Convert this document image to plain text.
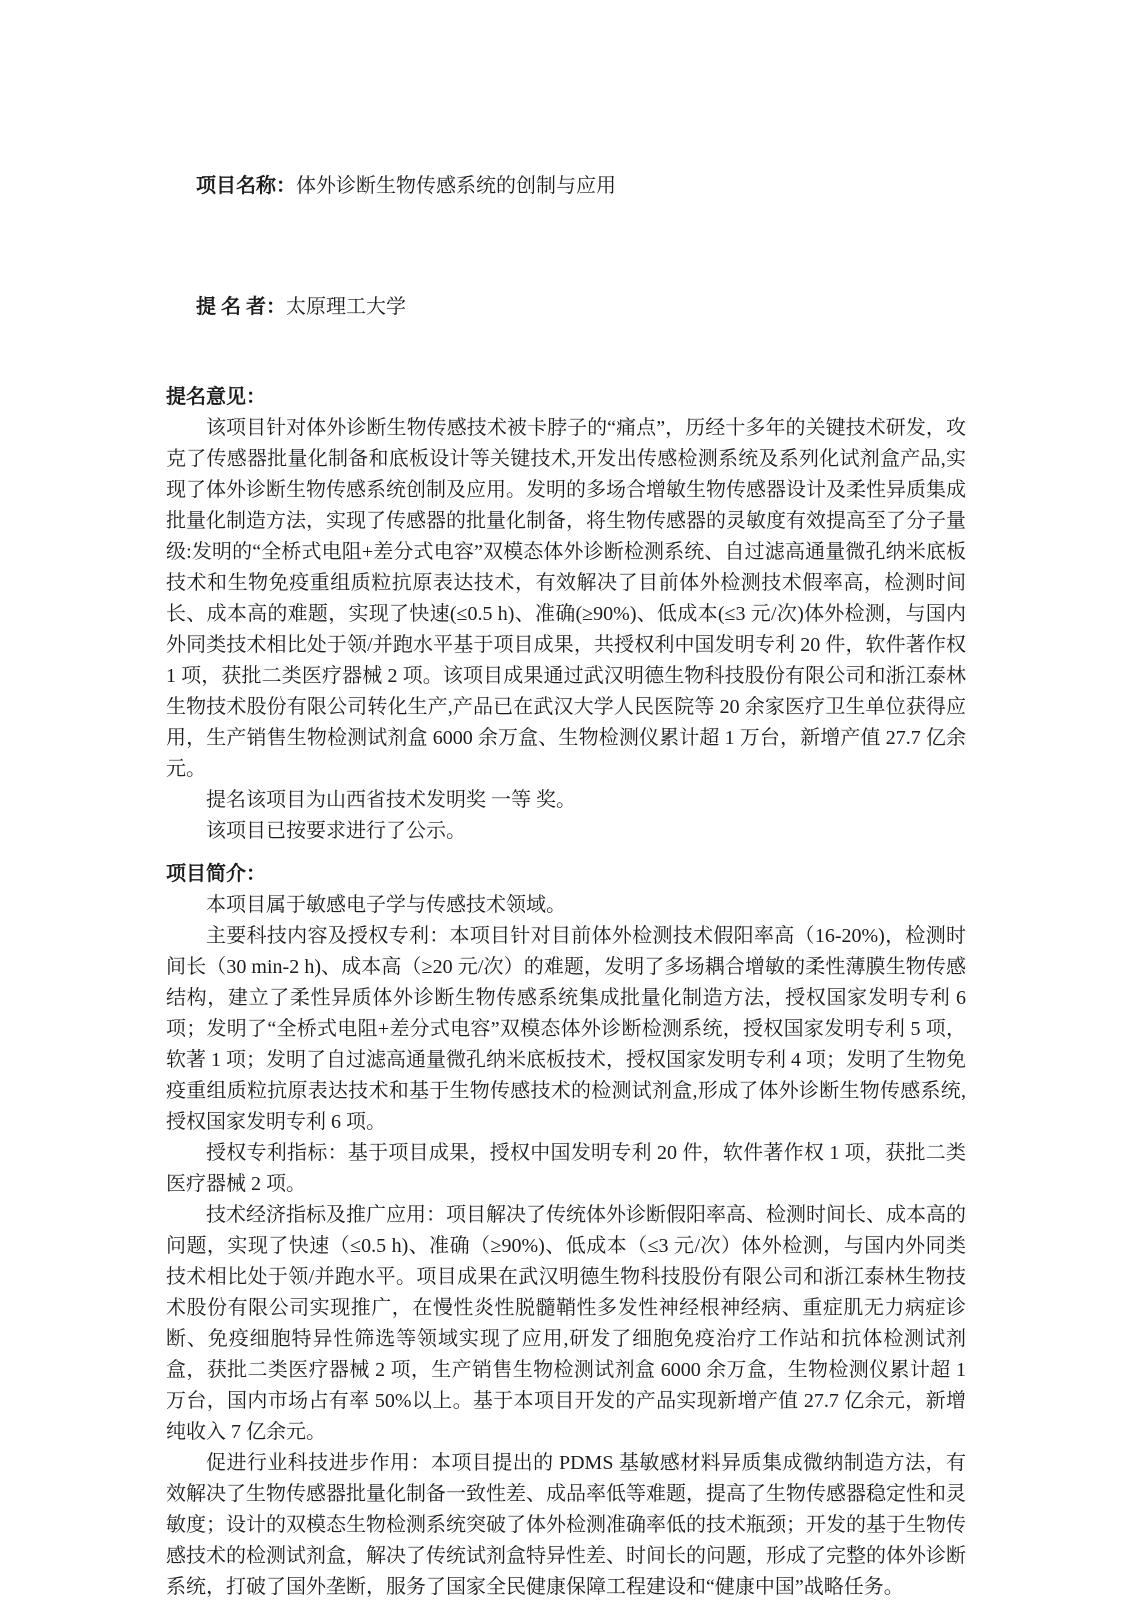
项目名称：体外诊断生物传感系统的创制与应用

提 名 者：太原理工大学

提名意见：

该项目针对体外诊断生物传感技术被卡脖子的“痛点”，历经十多年的关键技术研发，攻克了传感器批量化制备和底板设计等关键技术,开发出传感检测系统及系列化试剂盒产品,实现了体外诊断生物传感系统创制及应用。发明的多场合增敏生物传感器设计及柔性异质集成批量化制造方法，实现了传感器的批量化制备，将生物传感器的灵敏度有效提高至了分子量级:发明的“全桥式电阻+差分式电容”双模态体外诊断检测系统、自过滤高通量微孔纳米底板技术和生物免疫重组质粒抗原表达技术，有效解决了目前体外检测技术假率高，检测时间长、成本高的难题，实现了快速(≤0.5 h)、准确(≥90%)、低成本(≤3 元/次)体外检测，与国内外同类技术相比处于领/并跑水平基于项目成果，共授权利中国发明专利 20 件，软件著作权 1 项，获批二类医疗器械 2 项。该项目成果通过武汉明德生物科技股份有限公司和浙江泰林生物技术股份有限公司转化生产,产品已在武汉大学人民医院等 20 余家医疗卫生单位获得应用，生产销售生物检测试剂盒 6000 余万盒、生物检测仪累计超 1 万台，新增产值 27.7 亿余元。

提名该项目为山西省技术发明奖 一等 奖。

该项目已按要求进行了公示。

项目简介：

本项目属于敏感电子学与传感技术领域。

主要科技内容及授权专利：本项目针对目前体外检测技术假阳率高（16-20%)，检测时间长（30 min-2 h)、成本高（≥20 元/次）的难题，发明了多场耦合增敏的柔性薄膜生物传感结构，建立了柔性异质体外诊断生物传感系统集成批量化制造方法，授权国家发明专利 6 项；发明了“全桥式电阻+差分式电容”双模态体外诊断检测系统，授权国家发明专利 5 项，软著 1 项；发明了自过滤高通量微孔纳米底板技术，授权国家发明专利 4 项；发明了生物免疫重组质粒抗原表达技术和基于生物传感技术的检测试剂盒,形成了体外诊断生物传感系统,授权国家发明专利 6 项。

授权专利指标：基于项目成果，授权中国发明专利 20 件，软件著作权 1 项，获批二类医疗器械 2 项。

技术经济指标及推广应用：项目解决了传统体外诊断假阳率高、检测时间长、成本高的问题，实现了快速（≤0.5 h)、准确（≥90%)、低成本（≤3 元/次）体外检测，与国内外同类技术相比处于领/并跑水平。项目成果在武汉明德生物科技股份有限公司和浙江泰林生物技术股份有限公司实现推广，在慢性炎性脱髓鞘性多发性神经根神经病、重症肌无力病症诊断、免疫细胞特异性筛选等领域实现了应用,研发了细胞免疫治疗工作站和抗体检测试剂盒，获批二类医疗器械 2 项，生产销售生物检测试剂盒 6000 余万盒，生物检测仪累计超 1 万台，国内市场占有率 50%以上。基于本项目开发的产品实现新增产值 27.7 亿余元，新增纯收入 7 亿余元。

促进行业科技进步作用：本项目提出的 PDMS 基敏感材料异质集成微纳制造方法，有效解决了生物传感器批量化制备一致性差、成品率低等难题，提高了生物传感器稳定性和灵敏度；设计的双模态生物检测系统突破了体外检测准确率低的技术瓶颈；开发的基于生物传感技术的检测试剂盒，解决了传统试剂盒特异性差、时间长的问题，形成了完整的体外诊断系统，打破了国外垄断，服务了国家全民健康保障工程建设和“健康中国”战略任务。
